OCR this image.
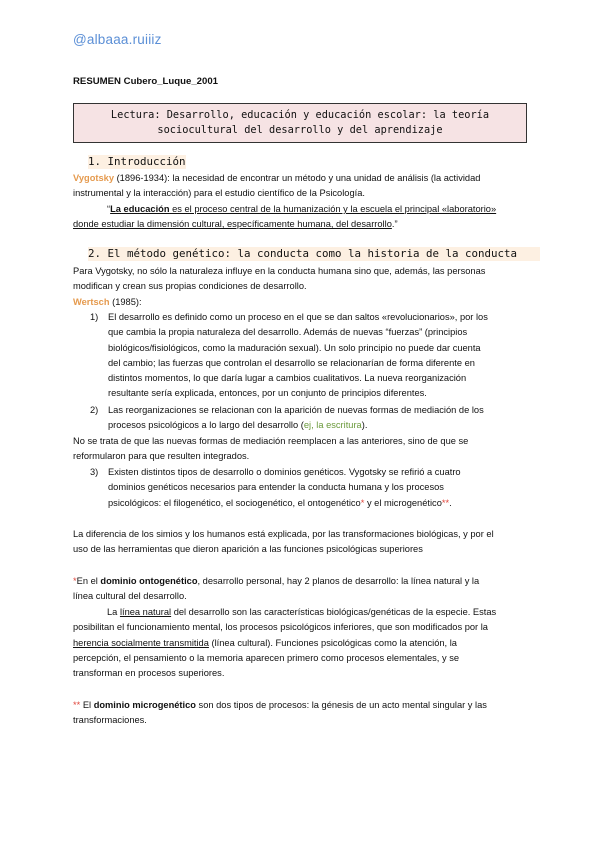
@albaaa.ruiiiz
RESUMEN Cubero_Luque_2001
Lectura: Desarrollo, educación y educación escolar: la teoría
sociocultural del desarrollo y del aprendizaje
1. Introducción
Vygotsky (1896-1934): la necesidad de encontrar un método y una unidad de análisis (la actividad
instrumental y la interacción) para el estudio científico de la Psicología.
“La educación es el proceso central de la humanización y la escuela el principal «laboratorio»
donde estudiar la dimensión cultural, específicamente humana, del desarrollo.”
2. El método genético: la conducta como la historia de la conducta
Para Vygotsky, no sólo la naturaleza influye en la conducta humana sino que, además, las personas
modifican y crean sus propias condiciones de desarrollo.
Wertsch (1985):
1) El desarrollo es definido como un proceso en el que se dan saltos «revolucionarios», por los
que cambia la propia naturaleza del desarrollo. Además de nuevas “fuerzas” (principios
biológicos/fisiológicos, como la maduración sexual). Un solo principio no puede dar cuenta
del cambio; las fuerzas que controlan el desarrollo se relacionarían de forma diferente en
distintos momentos, lo que daría lugar a cambios cualitativos. La nueva reorganización
resultante sería explicada, entonces, por un conjunto de principios diferentes.
2) Las reorganizaciones se relacionan con la aparición de nuevas formas de mediación de los
procesos psicológicos a lo largo del desarrollo (ej, la escritura).
No se trata de que las nuevas formas de mediación reemplacen a las anteriores, sino de que se
reformularon para que resulten integrados.
3) Existen distintos tipos de desarrollo o dominios genéticos. Vygotsky se refirió a cuatro
dominios genéticos necesarios para entender la conducta humana y los procesos
psicológicos: el filogenético, el sociogenético, el ontogenético* y el microgenético**.
La diferencia de los simios y los humanos está explicada, por las transformaciones biológicas, y por el
uso de las herramientas que dieron aparición a las funciones psicológicas superiores
*En el dominio ontogenético, desarrollo personal, hay 2 planos de desarrollo: la línea natural y la
línea cultural del desarrollo.
La línea natural del desarrollo son las características biológicas/genéticas de la especie. Estas
posibilitan el funcionamiento mental, los procesos psicológicos inferiores, que son modificados por la
herencia socialmente transmitida (línea cultural). Funciones psicológicas como la atención, la
percepción, el pensamiento o la memoria aparecen primero como procesos elementales, y se
transforman en procesos superiores.
** El dominio microgenético son dos tipos de procesos: la génesis de un acto mental singular y las
transformaciones.
